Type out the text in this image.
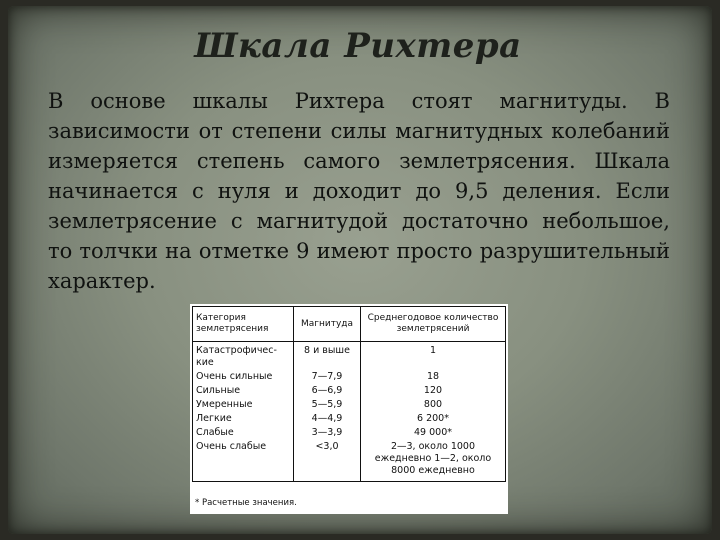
Шкала Рихтера

В основе шкалы Рихтера стоят магнитуды. В зависимости от степени силы магнитудных колебаний измеряется степень самого землетрясения. Шкала начинается с нуля и доходит до 9,5 деления. Если землетрясение с магнитудой достаточно небольшое, то толчки на отметке 9 имеют просто разрушительный характер.

Категория землетрясения	Магнитуда	Среднегодовое количество землетрясений
Катастрофичес-кие	8 и выше	1
Очень сильные	7—7,9	18
Сильные	6—6,9	120
Умеренные	5—5,9	800
Легкие	4—4,9	6 200*
Слабые	3—3,9	49 000*
Очень слабые	<3,0	2—3, около 1000 ежедневно 1—2, около 8000 ежедневно

* Расчетные значения.
